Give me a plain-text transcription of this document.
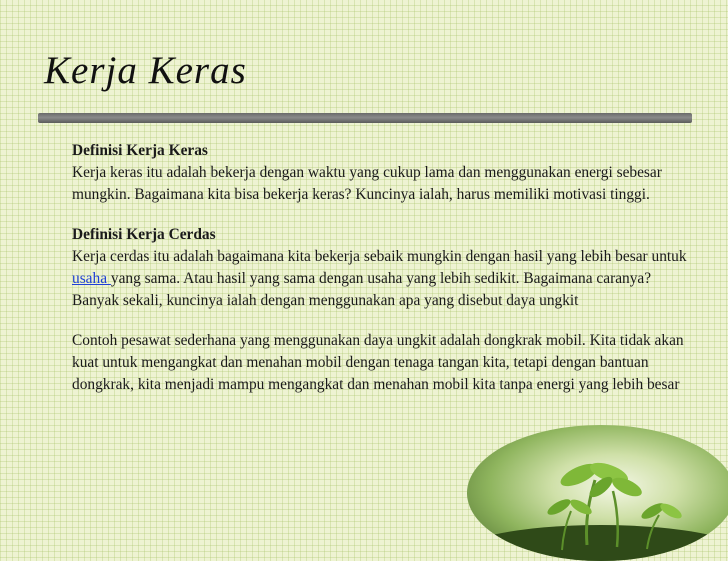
Kerja Keras

Definisi Kerja Keras

Kerja keras itu adalah bekerja dengan waktu yang cukup lama dan menggunakan energi sebesar mungkin. Bagaimana kita bisa bekerja keras? Kuncinya ialah, harus memiliki motivasi tinggi.

Definisi Kerja Cerdas

Kerja cerdas itu adalah bagaimana kita bekerja sebaik mungkin dengan hasil yang lebih besar untuk usaha yang sama. Atau hasil yang sama dengan usaha yang lebih sedikit. Bagaimana caranya? Banyak sekali, kuncinya ialah dengan menggunakan apa yang disebut daya ungkit

Contoh pesawat sederhana yang menggunakan daya ungkit adalah dongkrak mobil. Kita tidak akan kuat untuk mengangkat dan menahan mobil dengan tenaga tangan kita, tetapi dengan bantuan dongkrak, kita menjadi mampu mengangkat dan menahan mobil kita tanpa energi yang lebih besar
